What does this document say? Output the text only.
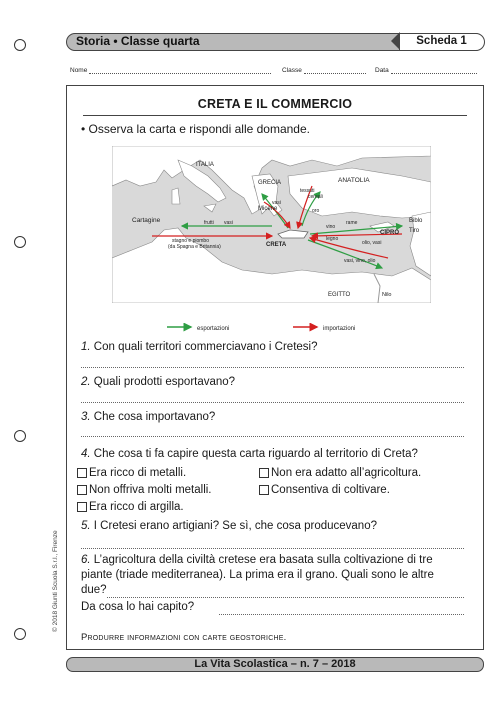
Storia • Classe quarta	Scheda 1
Nome	Classe	Data
CRETA E IL COMMERCIO
• Osserva la carta e rispondi alle domande.
ITALIA
GRECIA	ANATOLIA
Micene
Cartagine
CRETA
CIPRO
Biblo
Tiro
EGITTO	Nilo
stagno e piombo
(da Spagna e Britannia)
frutti vasi
vasi
olio, vasi
rame
vino
cereali
oro
tessuti
legno
vasi, vino, olio
esportazioni	importazioni
1. Con quali territori commerciavano i Cretesi?
2. Quali prodotti esportavano?
3. Che cosa importavano?
4. Che cosa ti fa capire questa carta riguardo al territorio di Creta?
Era ricco di metalli.	Non era adatto all’agricoltura.
Non offriva molti metalli.	Consentiva di coltivare.
Era ricco di argilla.
5. I Cretesi erano artigiani? Se sì, che cosa producevano?
6. L’agricoltura della civiltà cretese era basata sulla coltivazione di tre
piante (triade mediterranea). La prima era il grano. Quali sono le altre
due?
Da cosa lo hai capito?
Produrre informazioni con carte geostoriche.
© 2018 Giunti Scuola S.r.l., Firenze
La Vita Scolastica – n. 7 – 2018
